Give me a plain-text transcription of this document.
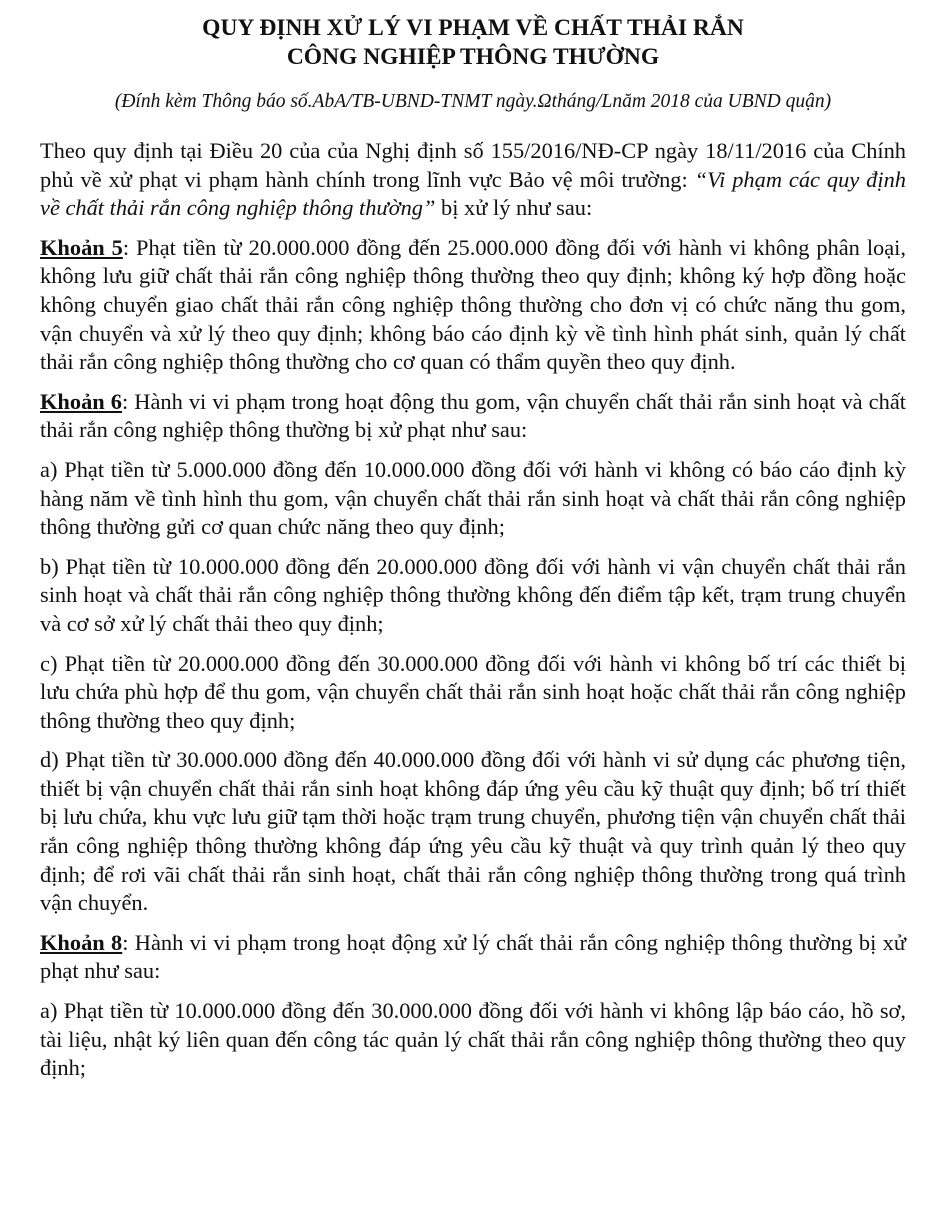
QUY ĐỊNH XỬ LÝ VI PHẠM VỀ CHẤT THẢI RẮN
CÔNG NGHIỆP THÔNG THƯỜNG

(Đính kèm Thông báo số.AbA/TB-UBND-TNMT ngày.Ωtháng/Lnăm 2018 của UBND quận)

Theo quy định tại Điều 20 của của Nghị định số 155/2016/NĐ-CP ngày 18/11/2016 của Chính phủ về xử phạt vi phạm hành chính trong lĩnh vực Bảo vệ môi trường: “Vi phạm các quy định về chất thải rắn công nghiệp thông thường” bị xử lý như sau:

Khoản 5: Phạt tiền từ 20.000.000 đồng đến 25.000.000 đồng đối với hành vi không phân loại, không lưu giữ chất thải rắn công nghiệp thông thường theo quy định; không ký hợp đồng hoặc không chuyển giao chất thải rắn công nghiệp thông thường cho đơn vị có chức năng thu gom, vận chuyển và xử lý theo quy định; không báo cáo định kỳ về tình hình phát sinh, quản lý chất thải rắn công nghiệp thông thường cho cơ quan có thẩm quyền theo quy định.

Khoản 6: Hành vi vi phạm trong hoạt động thu gom, vận chuyển chất thải rắn sinh hoạt và chất thải rắn công nghiệp thông thường bị xử phạt như sau:

a) Phạt tiền từ 5.000.000 đồng đến 10.000.000 đồng đối với hành vi không có báo cáo định kỳ hàng năm về tình hình thu gom, vận chuyển chất thải rắn sinh hoạt và chất thải rắn công nghiệp thông thường gửi cơ quan chức năng theo quy định;

b) Phạt tiền từ 10.000.000 đồng đến 20.000.000 đồng đối với hành vi vận chuyển chất thải rắn sinh hoạt và chất thải rắn công nghiệp thông thường không đến điểm tập kết, trạm trung chuyển và cơ sở xử lý chất thải theo quy định;

c) Phạt tiền từ 20.000.000 đồng đến 30.000.000 đồng đối với hành vi không bố trí các thiết bị lưu chứa phù hợp để thu gom, vận chuyển chất thải rắn sinh hoạt hoặc chất thải rắn công nghiệp thông thường theo quy định;

d) Phạt tiền từ 30.000.000 đồng đến 40.000.000 đồng đối với hành vi sử dụng các phương tiện, thiết bị vận chuyển chất thải rắn sinh hoạt không đáp ứng yêu cầu kỹ thuật quy định; bố trí thiết bị lưu chứa, khu vực lưu giữ tạm thời hoặc trạm trung chuyển, phương tiện vận chuyển chất thải rắn công nghiệp thông thường không đáp ứng yêu cầu kỹ thuật và quy trình quản lý theo quy định; để rơi vãi chất thải rắn sinh hoạt, chất thải rắn công nghiệp thông thường trong quá trình vận chuyển.

Khoản 8: Hành vi vi phạm trong hoạt động xử lý chất thải rắn công nghiệp thông thường bị xử phạt như sau:

a) Phạt tiền từ 10.000.000 đồng đến 30.000.000 đồng đối với hành vi không lập báo cáo, hồ sơ, tài liệu, nhật ký liên quan đến công tác quản lý chất thải rắn công nghiệp thông thường theo quy định;
